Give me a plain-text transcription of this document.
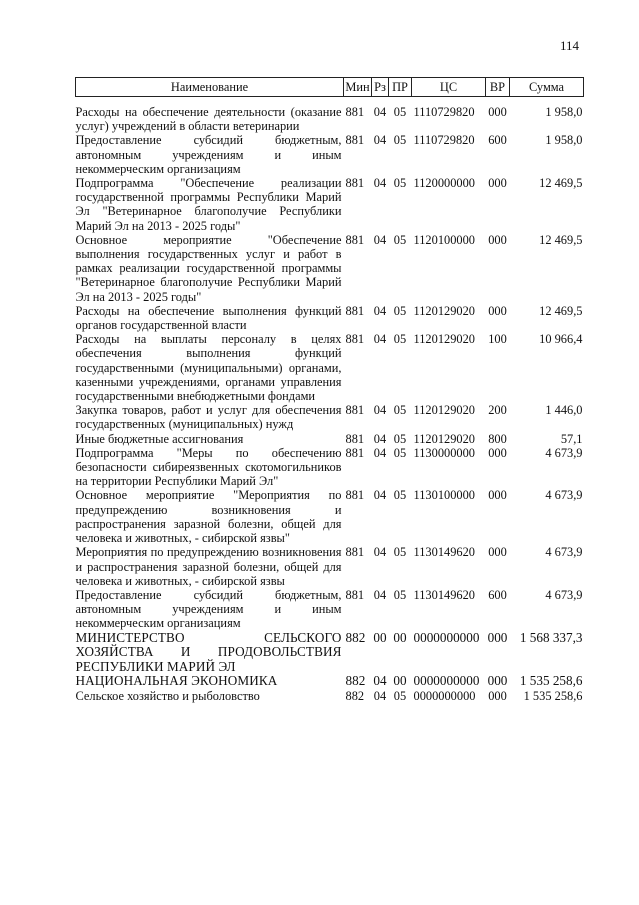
114
Наименование	Мин	Рз	ПР	ЦС	ВР	Сумма
Расходы на обеспечение деятельности (оказание услуг) учреждений в области ветеринарии	881	04	05	1110729820	000	1 958,0
Предоставление субсидий бюджетным, автономным учреждениям и иным некоммерческим организациям	881	04	05	1110729820	600	1 958,0
Подпрограмма "Обеспечение реализации государственной программы Республики Марий Эл "Ветеринарное благополучие Республики Марий Эл на 2013 - 2025 годы"	881	04	05	1120000000	000	12 469,5
Основное мероприятие "Обеспечение выполнения государственных услуг и работ в рамках реализации государственной программы "Ветеринарное благополучие Республики Марий Эл на 2013 - 2025 годы"	881	04	05	1120100000	000	12 469,5
Расходы на обеспечение выполнения функций органов государственной власти	881	04	05	1120129020	000	12 469,5
Расходы на выплаты персоналу в целях обеспечения выполнения функций государственными (муниципальными) органами, казенными учреждениями, органами управления государственными внебюджетными фондами	881	04	05	1120129020	100	10 966,4
Закупка товаров, работ и услуг для обеспечения государственных (муниципальных) нужд	881	04	05	1120129020	200	1 446,0
Иные бюджетные ассигнования	881	04	05	1120129020	800	57,1
Подпрограмма "Меры по обеспечению безопасности сибиреязвенных скотомогильников на территории Республики Марий Эл"	881	04	05	1130000000	000	4 673,9
Основное мероприятие "Мероприятия по предупреждению возникновения и распространения заразной болезни, общей для человека и животных, - сибирской язвы"	881	04	05	1130100000	000	4 673,9
Мероприятия по предупреждению возникновения и распространения заразной болезни, общей для человека и животных, - сибирской язвы	881	04	05	1130149620	000	4 673,9
Предоставление субсидий бюджетным, автономным учреждениям и иным некоммерческим организациям	881	04	05	1130149620	600	4 673,9
МИНИСТЕРСТВО СЕЛЬСКОГО ХОЗЯЙСТВА И ПРОДОВОЛЬСТВИЯ РЕСПУБЛИКИ МАРИЙ ЭЛ	882	00	00	0000000000	000	1 568 337,3
НАЦИОНАЛЬНАЯ ЭКОНОМИКА	882	04	00	0000000000	000	1 535 258,6
Сельское хозяйство и рыболовство	882	04	05	0000000000	000	1 535 258,6
